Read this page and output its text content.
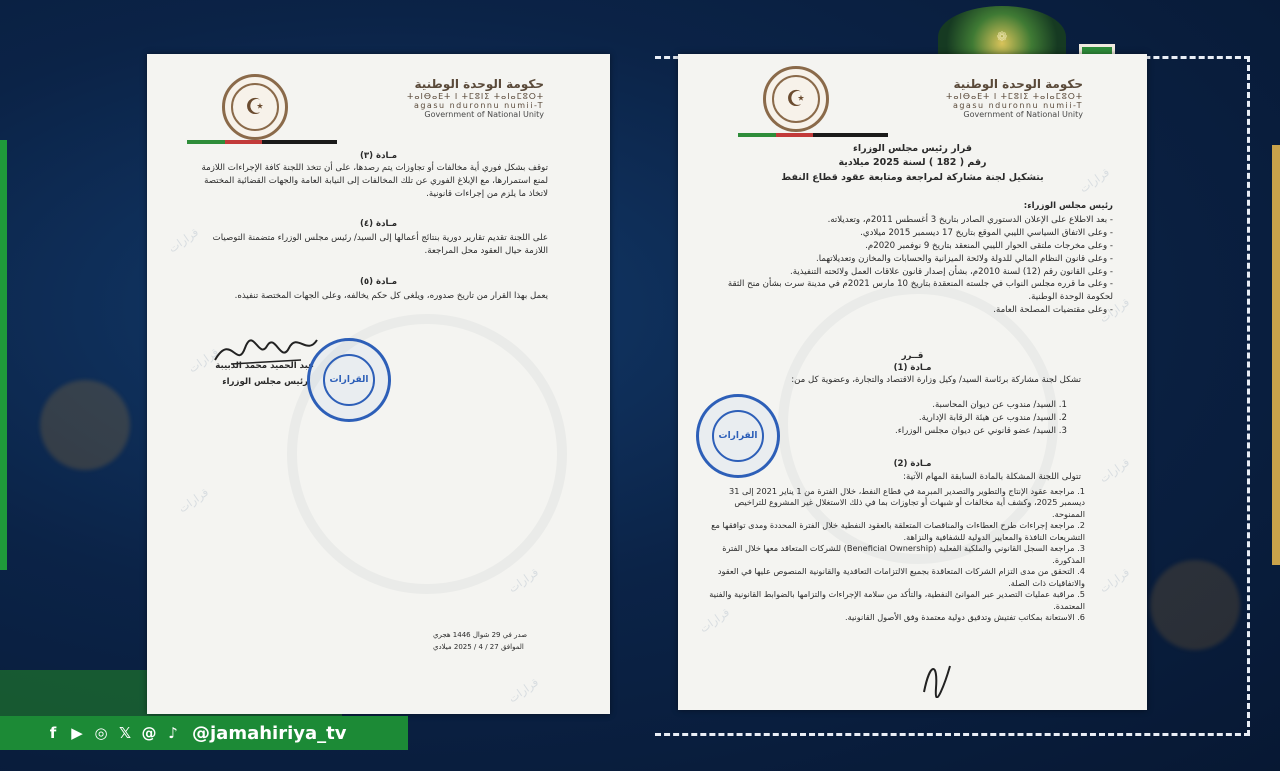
❁
قرارات
قرارات
قرارات
قرارات
قرارات
☪
حكومة الوحدة الوطنية
ⵜⴰⵏⴱⴰⴹⵜ ⵏ ⵜⵎⵓⵏⵉ ⵜⴰⵏⴰⵎⵓⵔⵜ
agasu nduronnu numii-T
Government of National Unity
مـادة (٣)
توقف بشكل فوري أية مخالفات أو تجاوزات يتم رصدها، على أن تتخذ اللجنة كافة الإجراءات اللازمة لمنع استمرارها، مع الإبلاغ الفوري عن تلك المخالفات إلى النيابة العامة والجهات القضائية المختصة لاتخاذ ما يلزم من إجراءات قانونية.
مـادة (٤)
على اللجنة تقديم تقارير دورية بنتائج أعمالها إلى السيد/ رئيس مجلس الوزراء متضمنة التوصيات اللازمة حيال العقود محل المراجعة.
مـادة (٥)
يعمل بهذا القرار من تاريخ صدوره، ويلغى كل حكم يخالفه، وعلى الجهات المختصة تنفيذه.
عبد الحميد محمد الدبيبة
رئيس مجلس الوزراء القرارات
صدر في 29 شوال 1446 هجري
الموافق 27 / 4 / 2025 ميلادي
قرارات
قرارات
قرارات
قرارات
قرارات
☪
حكومة الوحدة الوطنية
ⵜⴰⵏⴱⴰⴹⵜ ⵏ ⵜⵎⵓⵏⵉ ⵜⴰⵏⴰⵎⵓⵔⵜ
agasu nduronnu numii-T
Government of National Unity
قرار رئيس مجلس الوزراء
رقم ( 182 ) لسنة 2025 ميلادية
بتشكيل لجنة مشاركة لمراجعة ومتابعة عقود قطاع النفط
رئيس مجلس الوزراء:
- بعد الاطلاع على الإعلان الدستوري الصادر بتاريخ 3 أغسطس 2011م، وتعديلاته.
- وعلى الاتفاق السياسي الليبي الموقع بتاريخ 17 ديسمبر 2015 ميلادي.
- وعلى مخرجات ملتقى الحوار الليبي المنعقد بتاريخ 9 نوفمبر 2020م.
- وعلى قانون النظام المالي للدولة ولائحة الميزانية والحسابات والمخازن وتعديلاتهما.
- وعلى القانون رقم (12) لسنة 2010م، بشأن إصدار قانون علاقات العمل ولائحته التنفيذية.
- وعلى ما قرره مجلس النواب في جلسته المنعقدة بتاريخ 10 مارس 2021م في مدينة سرت بشأن منح الثقة لحكومة الوحدة الوطنية.
- وعلى مقتضيات المصلحة العامة.
قــرر
مـادة (1)
تشكل لجنة مشاركة برئاسة السيد/ وكيل وزارة الاقتصاد والتجارة، وعضوية كل من:
1. السيد/ مندوب عن ديوان المحاسبة.
2. السيد/ مندوب عن هيئة الرقابة الإدارية.
3. السيد/ عضو قانوني عن ديوان مجلس الوزراء.
القرارات
مـادة (2)
تتولى اللجنة المشكلة بالمادة السابقة المهام الآتية:
1. مراجعة عقود الإنتاج والتطوير والتصدير المبرمة في قطاع النفط، خلال الفترة من 1 يناير 2021 إلى 31 ديسمبر 2025، وكشف أية مخالفات أو شبهات أو تجاوزات بما في ذلك الاستغلال غير المشروع للتراخيص الممنوحة.
2. مراجعة إجراءات طرح العطاءات والمناقصات المتعلقة بالعقود النفطية خلال الفترة المحددة ومدى توافقها مع التشريعات النافذة والمعايير الدولية للشفافية والنزاهة.
3. مراجعة السجل القانوني والملكية الفعلية (Beneficial Ownership) للشركات المتعاقد معها خلال الفترة المذكورة.
4. التحقق من مدى التزام الشركات المتعاقدة بجميع الالتزامات التعاقدية والقانونية المنصوص عليها في العقود والاتفاقيات ذات الصلة.
5. مراقبة عمليات التصدير عبر الموانئ النفطية، والتأكد من سلامة الإجراءات والتزامها بالضوابط القانونية والفنية المعتمدة.
6. الاستعانة بمكاتب تفتيش وتدقيق دولية معتمدة وفق الأصول القانونية.
f ▶ ◎ 𝕏 @ ♪ @jamahiriya_tv
